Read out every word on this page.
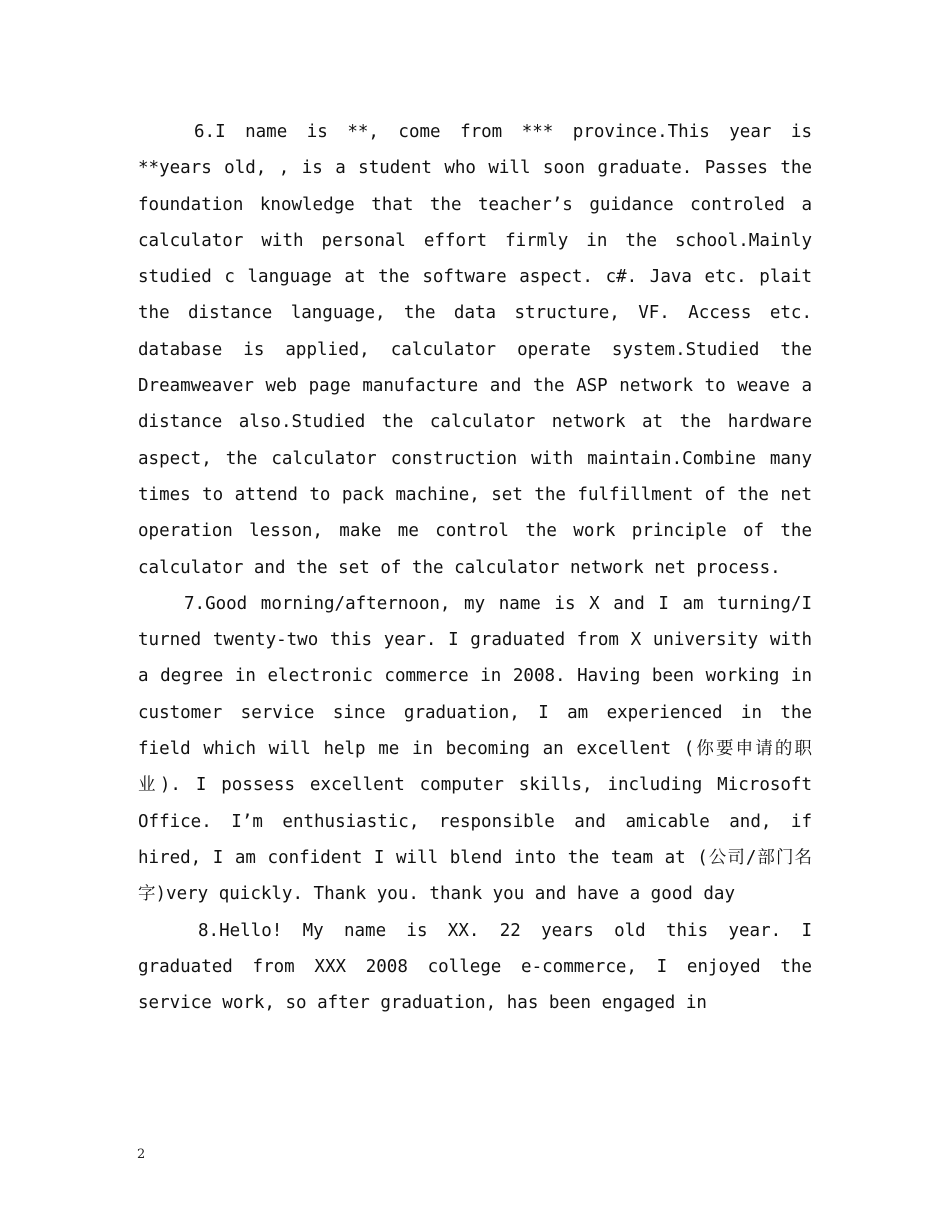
6.I name is **, come from *** province.This year is **years old, , is a student who will soon graduate. Passes the foundation knowledge that the teacher’s guidance controled a calculator with personal effort firmly in the school.Mainly studied c language at the software aspect. c#. Java etc. plait the distance language, the data structure, VF. Access etc. database is applied, calculator operate system.Studied the Dreamweaver web page manufacture and the ASP network to weave a distance also.Studied the calculator network at the hardware aspect, the calculator construction with maintain.Combine many times to attend to pack machine, set the fulfillment of the net operation lesson, make me control the work principle of the calculator and the set of the calculator network net process.

7.Good morning/afternoon, my name is X and I am turning/I turned twenty-two this year. I graduated from X university with a degree in electronic commerce in 2008. Having been working in customer service since graduation, I am experienced in the field which will help me in becoming an excellent (你要申请的职业). I possess excellent computer skills, including Microsoft Office. I’m enthusiastic, responsible and amicable and, if hired, I am confident I will blend into the team at (公司/部门名字)very quickly. Thank you. thank you and have a good day

8.Hello! My name is XX. 22 years old this year. I graduated from XXX 2008 college e-commerce, I enjoyed the service work, so after graduation, has been engaged in

2
